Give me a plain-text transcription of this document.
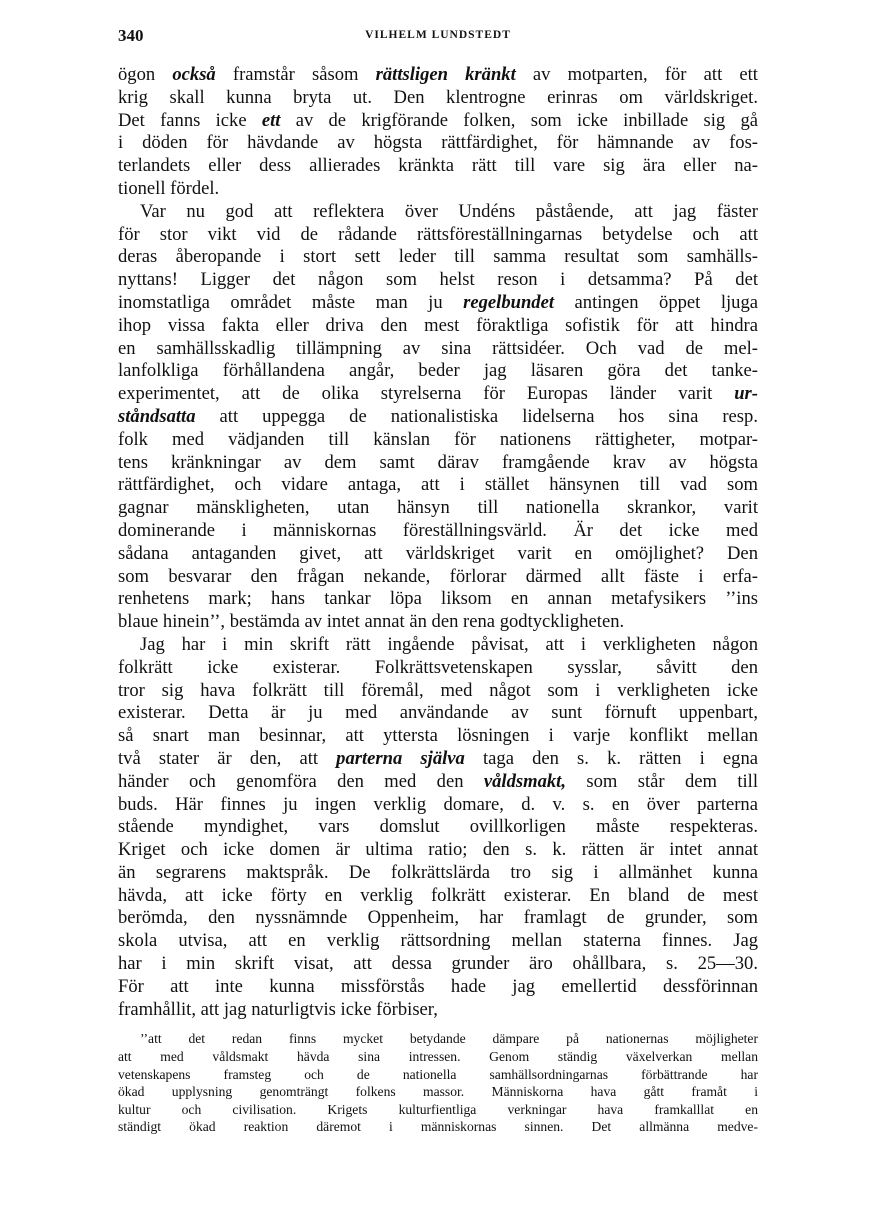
340	VILHELM LUNDSTEDT
ögon också framstår såsom rättsligen kränkt av motparten, för att ett
krig skall kunna bryta ut. Den klentrogne erinras om världskriget.
Det fanns icke ett av de krigförande folken, som icke inbillade sig gå
i döden för hävdande av högsta rättfärdighet, för hämnande av fos-
terlandets eller dess allierades kränkta rätt till vare sig ära eller na-
tionell fördel.
Var nu god att reflektera över Undéns påstående, att jag fäster
för stor vikt vid de rådande rättsföreställningarnas betydelse och att
deras åberopande i stort sett leder till samma resultat som samhälls-
nyttans! Ligger det någon som helst reson i detsamma? På det
inomstatliga området måste man ju regelbundet antingen öppet ljuga
ihop vissa fakta eller driva den mest föraktliga sofistik för att hindra
en samhällsskadlig tillämpning av sina rättsidéer. Och vad de mel-
lanfolkliga förhållandena angår, beder jag läsaren göra det tanke-
experimentet, att de olika styrelserna för Europas länder varit ur-
ståndsatta att uppegga de nationalistiska lidelserna hos sina resp.
folk med vädjanden till känslan för nationens rättigheter, motpar-
tens kränkningar av dem samt därav framgående krav av högsta
rättfärdighet, och vidare antaga, att i stället hänsynen till vad som
gagnar mänskligheten, utan hänsyn till nationella skrankor, varit
dominerande i människornas föreställningsvärld. Är det icke med
sådana antaganden givet, att världskriget varit en omöjlighet? Den
som besvarar den frågan nekande, förlorar därmed allt fäste i erfa-
renhetens mark; hans tankar löpa liksom en annan metafysikers ’’ins
blaue hinein’’, bestämda av intet annat än den rena godtyckligheten.
Jag har i min skrift rätt ingående påvisat, att i verkligheten någon
folkrätt icke existerar. Folkrättsvetenskapen sysslar, såvitt den
tror sig hava folkrätt till föremål, med något som i verkligheten icke
existerar. Detta är ju med användande av sunt förnuft uppenbart,
så snart man besinnar, att yttersta lösningen i varje konflikt mellan
två stater är den, att parterna själva taga den s. k. rätten i egna
händer och genomföra den med den våldsmakt, som står dem till
buds. Här finnes ju ingen verklig domare, d. v. s. en över parterna
stående myndighet, vars domslut ovillkorligen måste respekteras.
Kriget och icke domen är ultima ratio; den s. k. rätten är intet annat
än segrarens maktspråk. De folkrättslärda tro sig i allmänhet kunna
hävda, att icke förty en verklig folkrätt existerar. En bland de mest
berömda, den nyssnämnde Oppenheim, har framlagt de grunder, som
skola utvisa, att en verklig rättsordning mellan staterna finnes. Jag
har i min skrift visat, att dessa grunder äro ohållbara, s. 25—30.
För att inte kunna missförstås hade jag emellertid dessförinnan
framhållit, att jag naturligtvis icke förbiser,
’’att det redan finns mycket betydande dämpare på nationernas möjligheter
att med våldsmakt hävda sina intressen. Genom ständig växelverkan mellan
vetenskapens framsteg och de nationella samhällsordningarnas förbättrande har
ökad upplysning genomträngt folkens massor. Människorna hava gått framåt i
kultur och civilisation. Krigets kulturfientliga verkningar hava framkalllat en
ständigt ökad reaktion däremot i människornas sinnen. Det allmänna medve-
